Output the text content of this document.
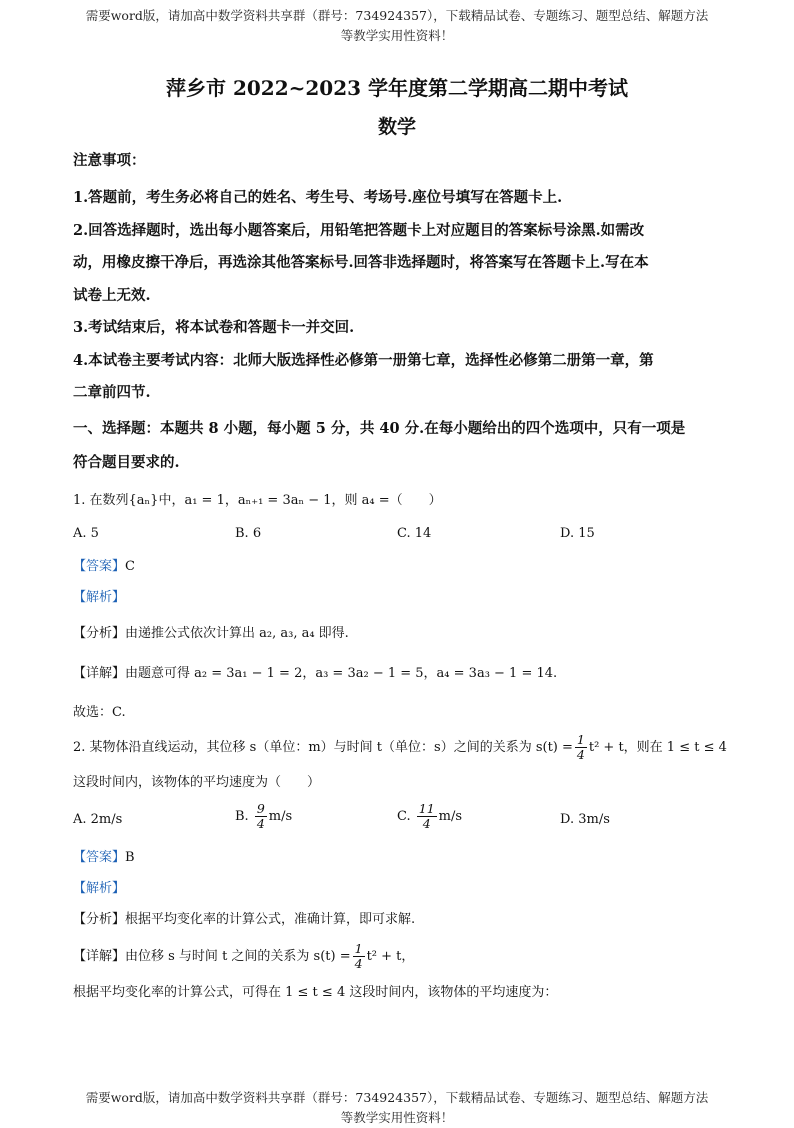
需要word版，请加高中数学资料共享群（群号：734924357），下载精品试卷、专题练习、题型总结、解题方法
等教学实用性资料！
萍乡市 2022~2023 学年度第二学期高二期中考试
数学
注意事项：
1.答题前，考生务必将自己的姓名、考生号、考场号.座位号填写在答题卡上.
2.回答选择题时，选出每小题答案后，用铅笔把答题卡上对应题目的答案标号涂黑.如需改
动，用橡皮擦干净后，再选涂其他答案标号.回答非选择题时，将答案写在答题卡上.写在本
试卷上无效.
3.考试结束后，将本试卷和答题卡一并交回.
4.本试卷主要考试内容：北师大版选择性必修第一册第七章，选择性必修第二册第一章，第
二章前四节.
一、选择题：本题共 8 小题，每小题 5 分，共 40 分.在每小题给出的四个选项中，只有一项是
符合题目要求的.
1. 在数列{aₙ}中，a₁ = 1，aₙ₊₁ = 3aₙ − 1，则 a₄ =（　　）
A. 5	B. 6	C. 14	D. 15
【答案】C
【解析】
【分析】由递推公式依次计算出 a₂, a₃, a₄ 即得.
【详解】由题意可得 a₂ = 3a₁ − 1 = 2，a₃ = 3a₂ − 1 = 5，a₄ = 3a₃ − 1 = 14.
故选：C.
2. 某物体沿直线运动，其位移 s（单位：m）与时间 t（单位：s）之间的关系为 $s(t) = \frac{1}{4} t^2 + t$，则在 1 ≤ t ≤ 4
这段时间内，该物体的平均速度为（　　）
A. 2m/s	B. $\frac{9}{4} m/s$	C. $\frac{11}{4} m/s$	D. 3m/s
【答案】B
【解析】
【分析】根据平均变化率的计算公式，准确计算，即可求解.
【详解】由位移 s 与时间 t 之间的关系为 $s(t) = \frac{1}{4} t^2 + t$，
根据平均变化率的计算公式，可得在 1 ≤ t ≤ 4 这段时间内，该物体的平均速度为：
需要word版，请加高中数学资料共享群（群号：734924357），下载精品试卷、专题练习、题型总结、解题方法
等教学实用性资料！
